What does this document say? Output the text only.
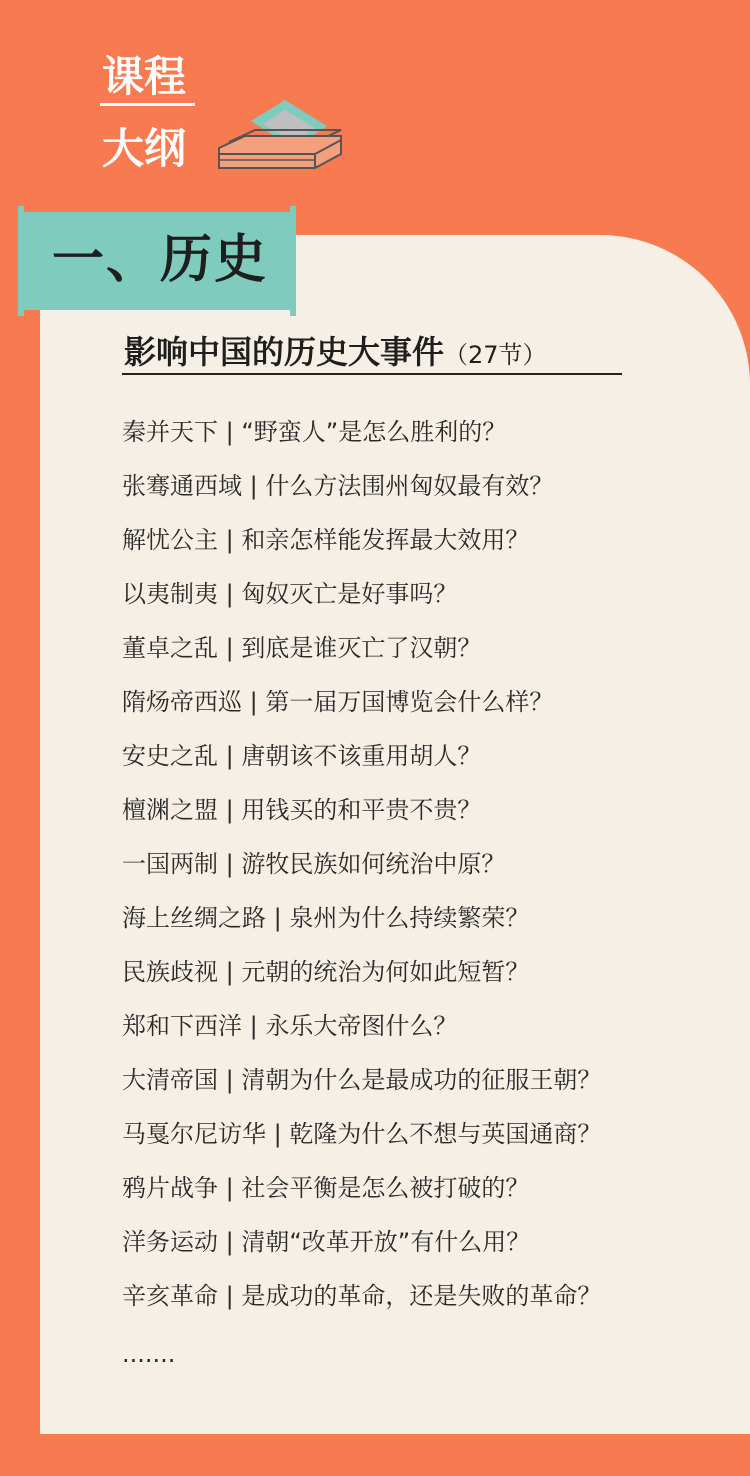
课程
大纲
一、历史
影响中国的历史大事件（27节）
秦并天下 | “野蛮人”是怎么胜利的？
张骞通西域 | 什么方法围州匈奴最有效？
解忧公主 | 和亲怎样能发挥最大效用？
以夷制夷 | 匈奴灭亡是好事吗？
董卓之乱 | 到底是谁灭亡了汉朝？
隋炀帝西巡 | 第一届万国博览会什么样？
安史之乱 | 唐朝该不该重用胡人？
檀渊之盟 | 用钱买的和平贵不贵？
一国两制 | 游牧民族如何统治中原？
海上丝绸之路 | 泉州为什么持续繁荣？
民族歧视 | 元朝的统治为何如此短暂？
郑和下西洋 | 永乐大帝图什么？
大清帝国 | 清朝为什么是最成功的征服王朝？
马戛尔尼访华 | 乾隆为什么不想与英国通商？
鸦片战争 | 社会平衡是怎么被打破的？
洋务运动 | 清朝“改革开放”有什么用？
辛亥革命 | 是成功的革命，还是失败的革命？
.......
